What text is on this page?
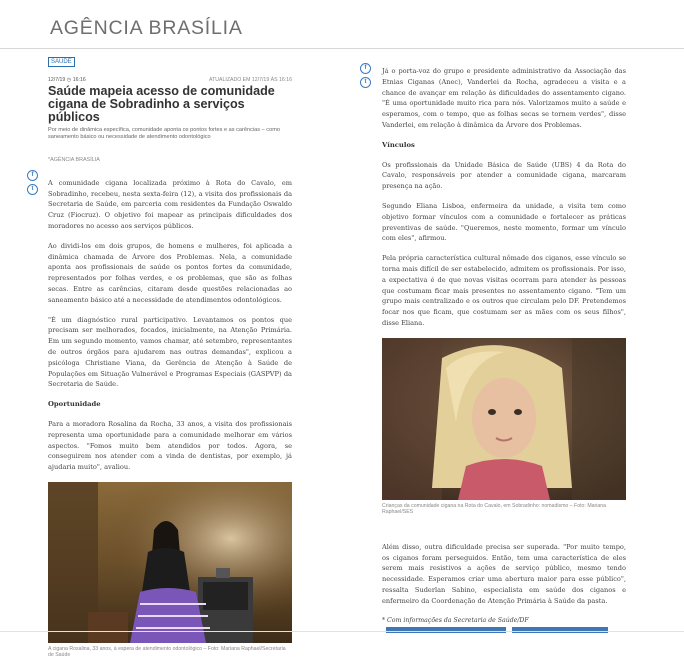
AGÊNCIA BRASÍLIA
f
t
f
t
SAÚDE
12/7/19 ◷ 16:16	ATUALIZADO EM 12/7/19 ÀS 16:16
Saúde mapeia acesso de comunidade cigana de Sobradinho a serviços públicos

Por meio de dinâmica específica, comunidade aponta os pontos fortes e as carências – como saneamento básico ou necessidade de atendimento odontológico

*AGÊNCIA BRASÍLIA

A comunidade cigana localizada próximo à Rota do Cavalo, em Sobradinho, recebeu, nesta sexta-feira (12), a visita dos profissionais da Secretaria de Saúde, em parceria com residentes da Fundação Oswaldo Cruz (Fiocruz). O objetivo foi mapear as principais dificuldades dos moradores no acesso aos serviços públicos.

Ao dividi-los em dois grupos, de homens e mulheres, foi aplicada a dinâmica chamada de Árvore dos Problemas. Nela, a comunidade aponta aos profissionais de saúde os pontos fortes da comunidade, representados por folhas verdes, e os problemas, que são as folhas secas. Entre as carências, citaram desde questões relacionadas ao saneamento básico até a necessidade de atendimentos odontológicos.

"É um diagnóstico rural participativo. Levantamos os pontos que precisam ser melhorados, focados, inicialmente, na Atenção Primária. Em um segundo momento, vamos chamar, até setembro, representantes de outros órgãos para ajudarem nas outras demandas", explicou a psicóloga Christiane Viana, da Gerência de Atenção à Saúde de Populações em Situação Vulnerável e Programas Especiais (GASPVP) da Secretaria de Saúde.

Oportunidade

Para a moradora Rosalina da Rocha, 33 anos, a visita dos profissionais representa uma oportunidade para a comunidade melhorar em vários aspectos. "Fomos muito bem atendidos por todos. Agora, se conseguirem nos atender com a vinda de dentistas, por exemplo, já ajudaria muito", avaliou.

A cigana Rosalina, 33 anos, à espera de atendimento odontológico – Foto: Mariana Raphael/Secretaria de Saúde

Já o porta-voz do grupo e presidente administrativo da Associação das Etnias Ciganas (Anec), Vanderlei da Rocha, agradeceu a visita e a chance de avançar em relação às dificuldades do assentamento cigano. "É uma oportunidade muito rica para nós. Valorizamos muito a saúde e esperamos, com o tempo, que as folhas secas se tornem verdes", disse Vanderlei, em relação à dinâmica da Árvore dos Problemas.

Vínculos

Os profissionais da Unidade Básica de Saúde (UBS) 4 da Rota do Cavalo, responsáveis por atender a comunidade cigana, marcaram presença na ação.

Segundo Eliana Lisboa, enfermeira da unidade, a visita tem como objetivo formar vínculos com a comunidade e fortalecer as práticas preventivas de saúde. "Queremos, neste momento, formar um vínculo com eles", afirmou.

Pela própria característica cultural nômade dos ciganos, esse vínculo se torna mais difícil de ser estabelecido, admitem os profissionais. Por isso, a expectativa é de que novas visitas ocorram para atender às pessoas que costumam ficar mais presentes no assentamento cigano. "Tem um grupo mais centralizado e os outros que circulam pelo DF. Pretendemos focar nos que ficam, que costumam ser as mães com os seus filhos", disse Eliana.

Crianças da comunidade cigana na Rota do Cavalo, em Sobradinho: nomadismo – Foto: Mariana Raphael/SES

Além disso, outra dificuldade precisa ser superada. "Por muito tempo, os ciganos foram perseguidos. Então, tem uma característica de eles serem mais resistivos a ações de serviço público, mesmo tendo necessidade. Esperamos criar uma abertura maior para esse público", ressalta Suderlan Sabino, especialista em saúde dos ciganos e enfermeiro da Coordenação de Atenção Primária à Saúde da pasta.

* Com informações da Secretaria de Saúde/DF
